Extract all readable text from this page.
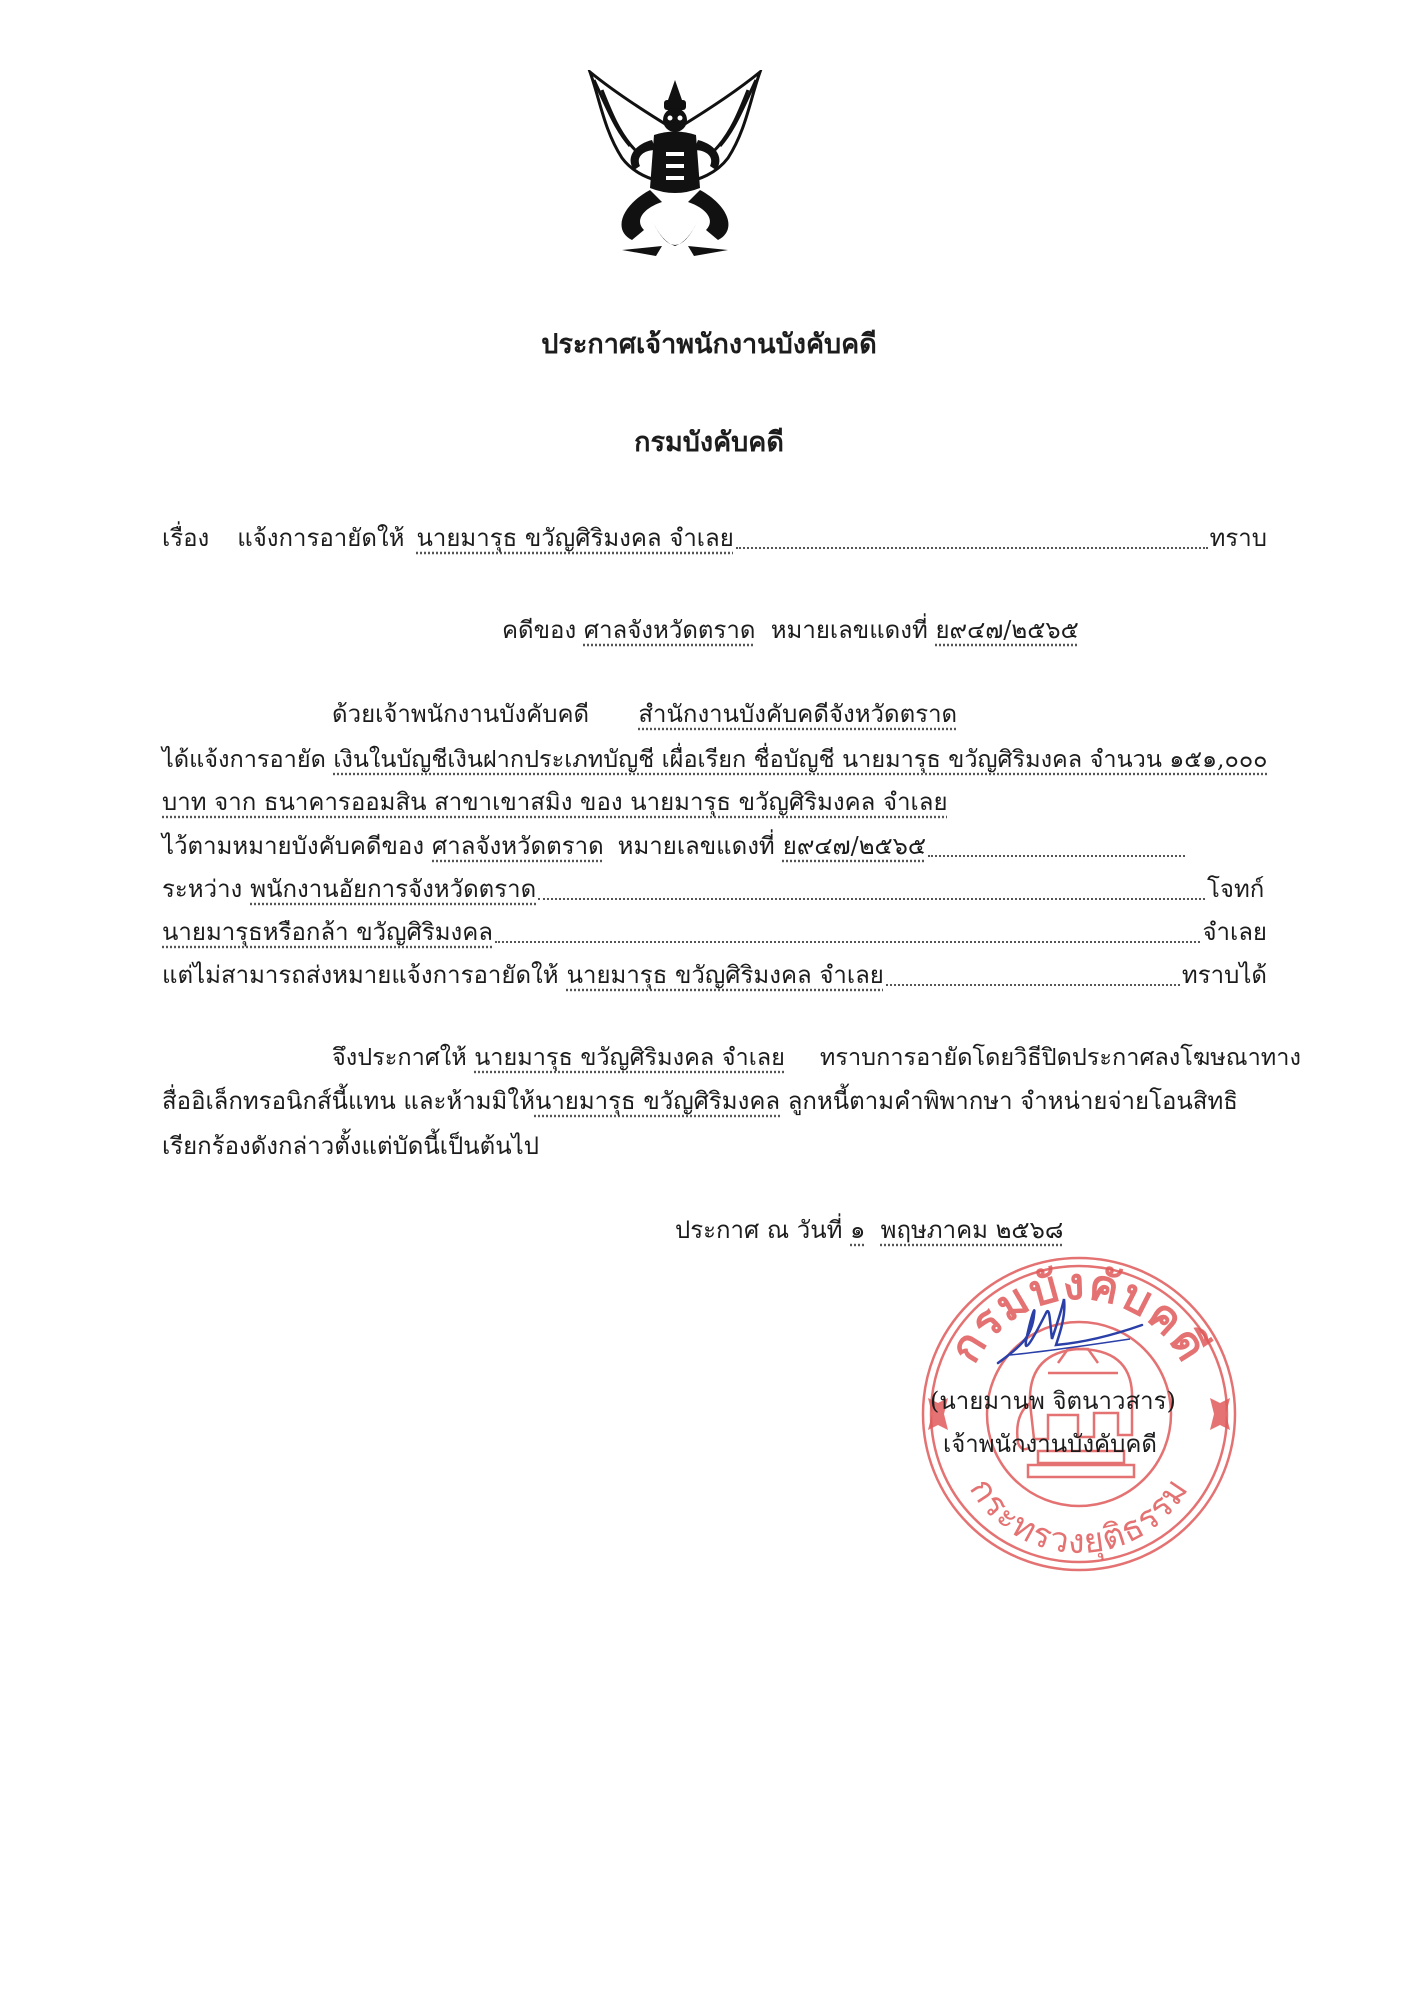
ประกาศเจ้าพนักงานบังคับคดี
กรมบังคับคดี
เรื่อง แจ้งการอายัดให้ นายมารุธ ขวัญศิริมงคล จำเลย	ทราบ
คดีของ ศาลจังหวัดตราด หมายเลขแดงที่ ย๙๔๗/๒๕๖๕
ด้วยเจ้าพนักงานบังคับคดี สำนักงานบังคับคดีจังหวัดตราด
ได้แจ้งการอายัด เงินในบัญชีเงินฝากประเภทบัญชี เผื่อเรียก ชื่อบัญชี นายมารุธ ขวัญศิริมงคล จำนวน ๑๕๑,๐๐๐
บาท จาก ธนาคารออมสิน สาขาเขาสมิง ของ นายมารุธ ขวัญศิริมงคล จำเลย
ไว้ตามหมายบังคับคดีของ ศาลจังหวัดตราด หมายเลขแดงที่ ย๙๔๗/๒๕๖๕
ระหว่าง พนักงานอัยการจังหวัดตราด	โจทก์
นายมารุธหรือกล้า ขวัญศิริมงคล	จำเลย
แต่ไม่สามารถส่งหมายแจ้งการอายัดให้ นายมารุธ ขวัญศิริมงคล จำเลย	ทราบได้
จึงประกาศให้ นายมารุธ ขวัญศิริมงคล จำเลย ทราบการอายัดโดยวิธีปิดประกาศลงโฆษณาทาง
สื่ออิเล็กทรอนิกส์นี้แทน และห้ามมิให้นายมารุธ ขวัญศิริมงคล ลูกหนี้ตามคำพิพากษา จำหน่ายจ่ายโอนสิทธิ
เรียกร้องดังกล่าวตั้งแต่บัดนี้เป็นต้นไป
ประกาศ ณ วันที่ ๑ พฤษภาคม ๒๕๖๘
กรมบังคับคดี
กระทรวงยุติธรรม
(นายมานพ จิตนาวสาร)
เจ้าพนักงานบังคับคดี
